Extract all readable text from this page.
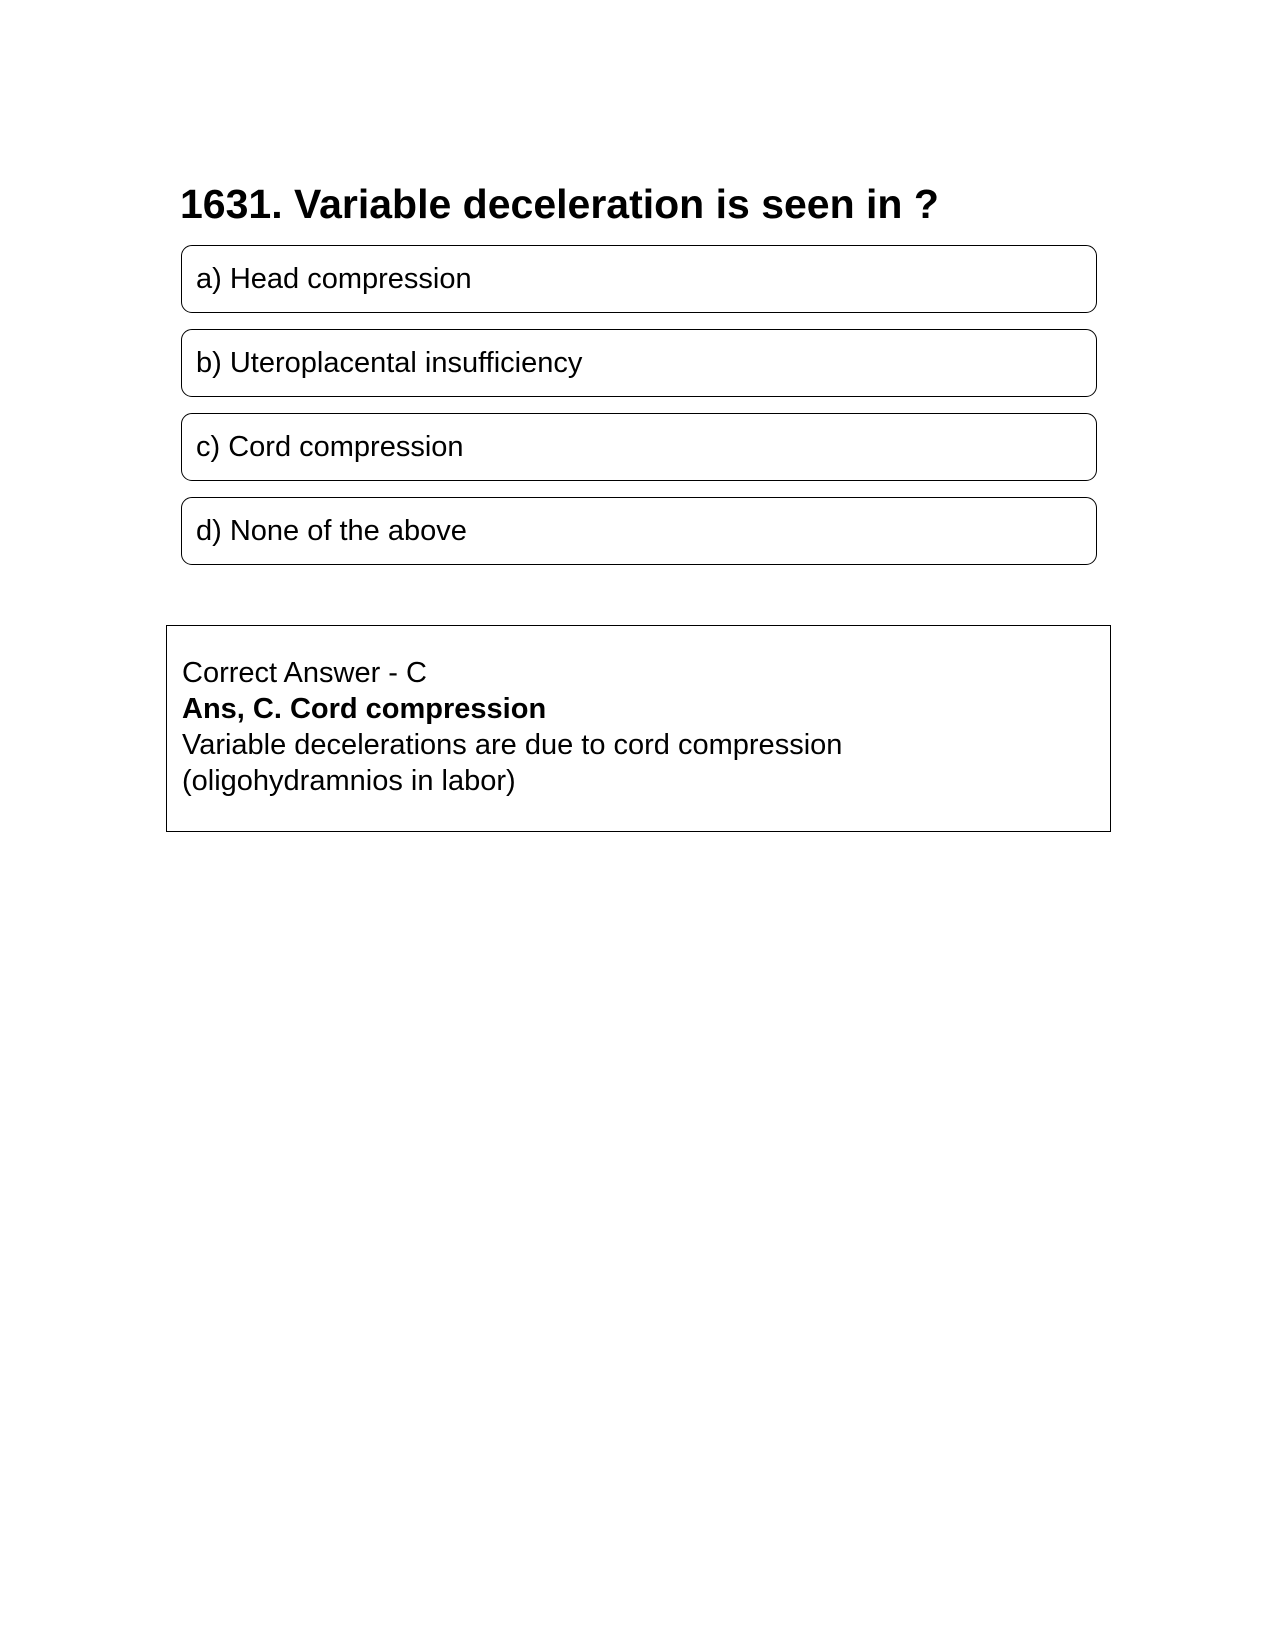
1631. Variable deceleration is seen in ?
a) Head compression
b) Uteroplacental insufficiency
c) Cord compression
d) None of the above
Correct Answer - C
Ans, C. Cord compression
Variable decelerations are due to cord compression
(oligohydramnios in labor)
